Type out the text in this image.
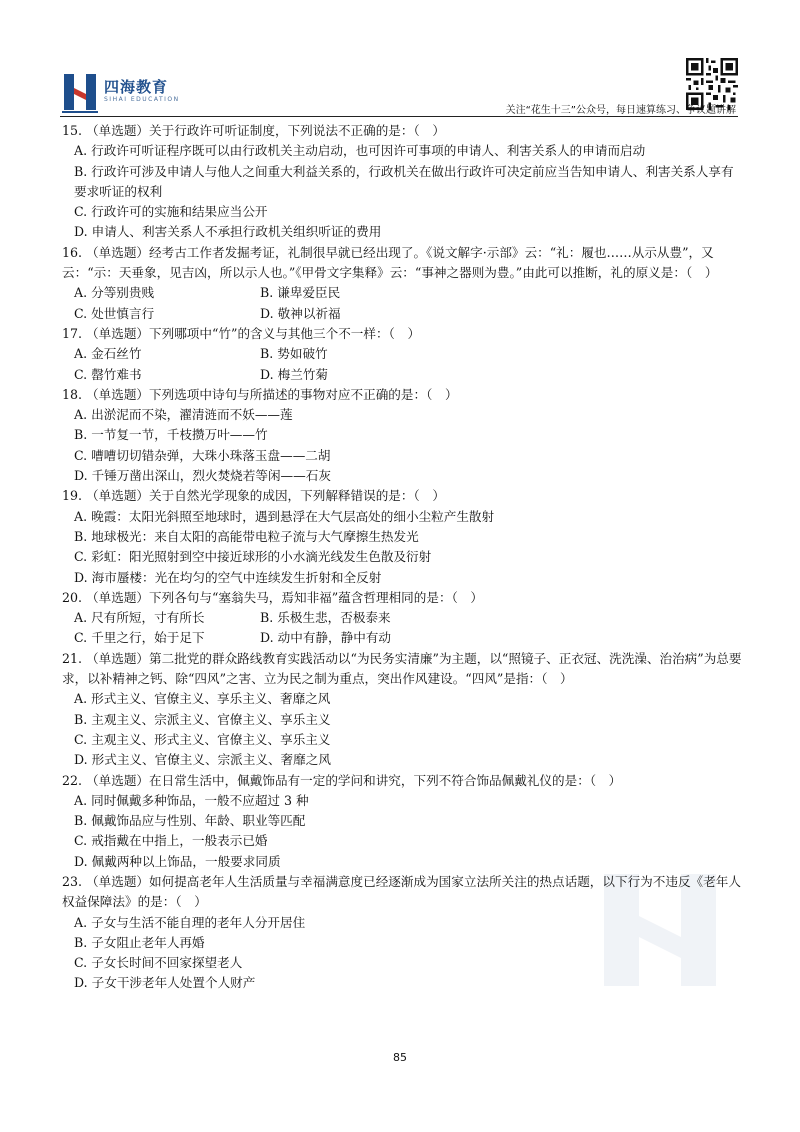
四海教育
SIHAI EDUCATION
关注“花生十三”公众号，每日速算练习、争议题讲解
15. （单选题）关于行政许可听证制度，下列说法不正确的是：（　）
A. 行政许可听证程序既可以由行政机关主动启动，也可因许可事项的申请人、利害关系人的申请而启动
B. 行政许可涉及申请人与他人之间重大利益关系的，行政机关在做出行政许可决定前应当告知申请人、利害关系人享有要求听证的权利
C. 行政许可的实施和结果应当公开
D. 申请人、利害关系人不承担行政机关组织听证的费用
16. （单选题）经考古工作者发掘考证，礼制很早就已经出现了。《说文解字·示部》云：“礼：履也……从示从豊”，又云：“示：天垂象，见吉凶，所以示人也。”《甲骨文字集释》云：“事神之器则为豊。”由此可以推断，礼的原义是：（　）
A. 分等别贵贱	B. 谦卑爱臣民
C. 处世慎言行	D. 敬神以祈福
17. （单选题）下列哪项中“竹”的含义与其他三个不一样：（　）
A. 金石丝竹	B. 势如破竹
C. 罄竹难书	D. 梅兰竹菊
18. （单选题）下列选项中诗句与所描述的事物对应不正确的是：（　）
A. 出淤泥而不染，濯清涟而不妖——莲
B. 一节复一节，千枝攒万叶——竹
C. 嘈嘈切切错杂弹，大珠小珠落玉盘——二胡
D. 千锤万凿出深山，烈火焚烧若等闲——石灰
19. （单选题）关于自然光学现象的成因，下列解释错误的是：（　）
A. 晚霞：太阳光斜照至地球时，遇到悬浮在大气层高处的细小尘粒产生散射
B. 地球极光：来自太阳的高能带电粒子流与大气摩擦生热发光
C. 彩虹：阳光照射到空中接近球形的小水滴光线发生色散及衍射
D. 海市蜃楼：光在均匀的空气中连续发生折射和全反射
20. （单选题）下列各句与“塞翁失马，焉知非福”蕴含哲理相同的是：（　）
A. 尺有所短，寸有所长	B. 乐极生悲，否极泰来
C. 千里之行，始于足下	D. 动中有静，静中有动
21. （单选题）第二批党的群众路线教育实践活动以“为民务实清廉”为主题，以“照镜子、正衣冠、洗洗澡、治治病”为总要求，以补精神之钙、除“四风”之害、立为民之制为重点，突出作风建设。“四风”是指：（　）
A. 形式主义、官僚主义、享乐主义、奢靡之风
B. 主观主义、宗派主义、官僚主义、享乐主义
C. 主观主义、形式主义、官僚主义、享乐主义
D. 形式主义、官僚主义、宗派主义、奢靡之风
22. （单选题）在日常生活中，佩戴饰品有一定的学问和讲究，下列不符合饰品佩戴礼仪的是：（　）
A. 同时佩戴多种饰品，一般不应超过 3 种
B. 佩戴饰品应与性别、年龄、职业等匹配
C. 戒指戴在中指上，一般表示已婚
D. 佩戴两种以上饰品，一般要求同质
23. （单选题）如何提高老年人生活质量与幸福满意度已经逐渐成为国家立法所关注的热点话题，以下行为不违反《老年人权益保障法》的是：（　）
A. 子女与生活不能自理的老年人分开居住
B. 子女阻止老年人再婚
C. 子女长时间不回家探望老人
D. 子女干涉老年人处置个人财产
85
